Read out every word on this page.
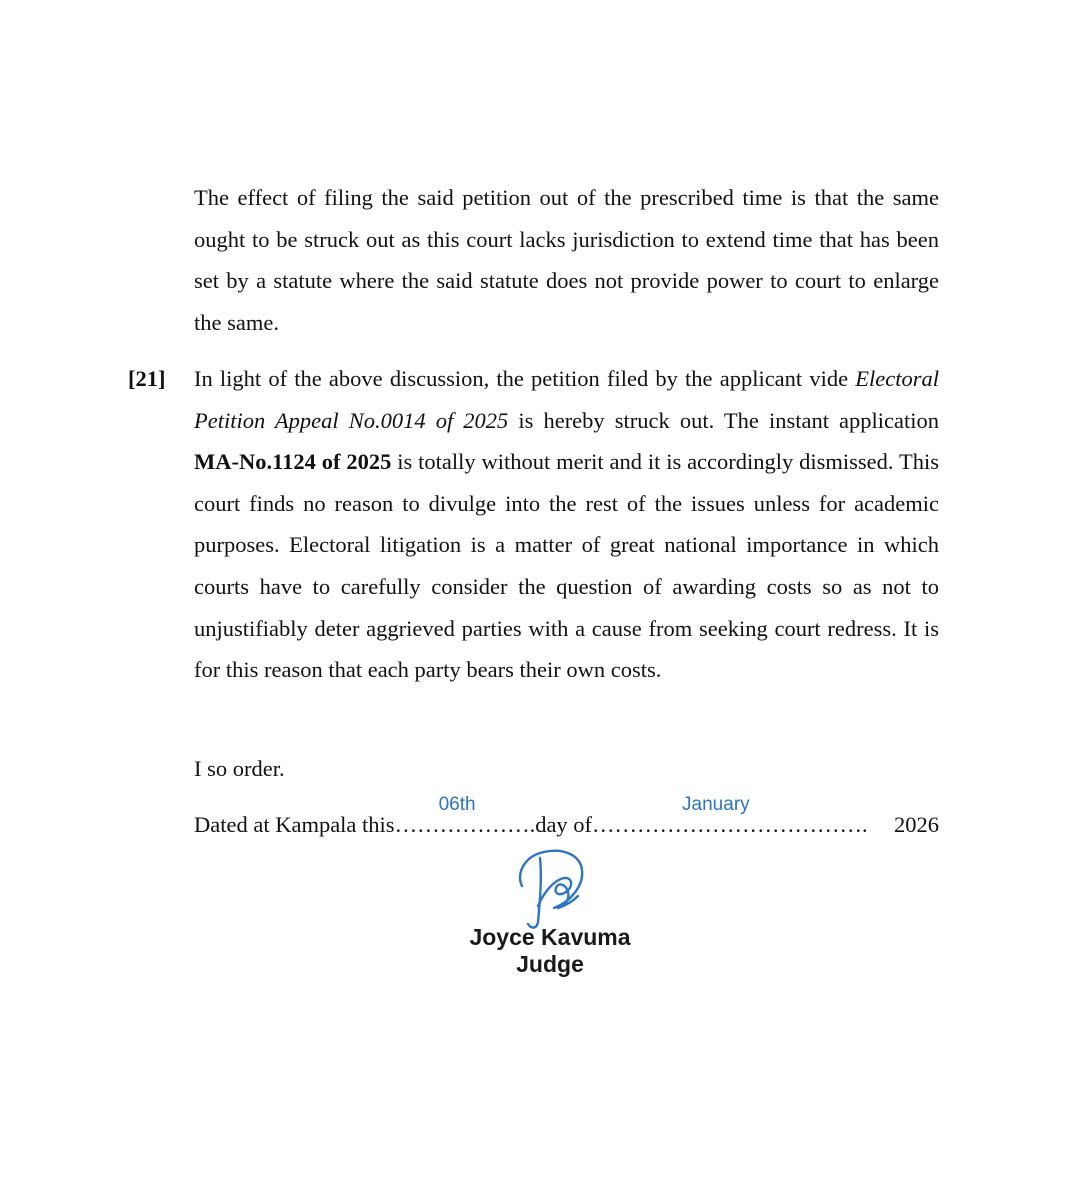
The effect of filing the said petition out of the prescribed time is that the same ought to be struck out as this court lacks jurisdiction to extend time that has been set by a statute where the said statute does not provide power to court to enlarge the same.

[21] In light of the above discussion, the petition filed by the applicant vide Electoral Petition Appeal No.0014 of 2025 is hereby struck out. The instant application MA-No.1124 of 2025 is totally without merit and it is accordingly dismissed. This court finds no reason to divulge into the rest of the issues unless for academic purposes. Electoral litigation is a matter of great national importance in which courts have to carefully consider the question of awarding costs so as not to unjustifiably deter aggrieved parties with a cause from seeking court redress. It is for this reason that each party bears their own costs.

I so order.
Dated at Kampala this……………….
06th
day of……………………………….
January
2026
Joyce Kavuma
Judge
